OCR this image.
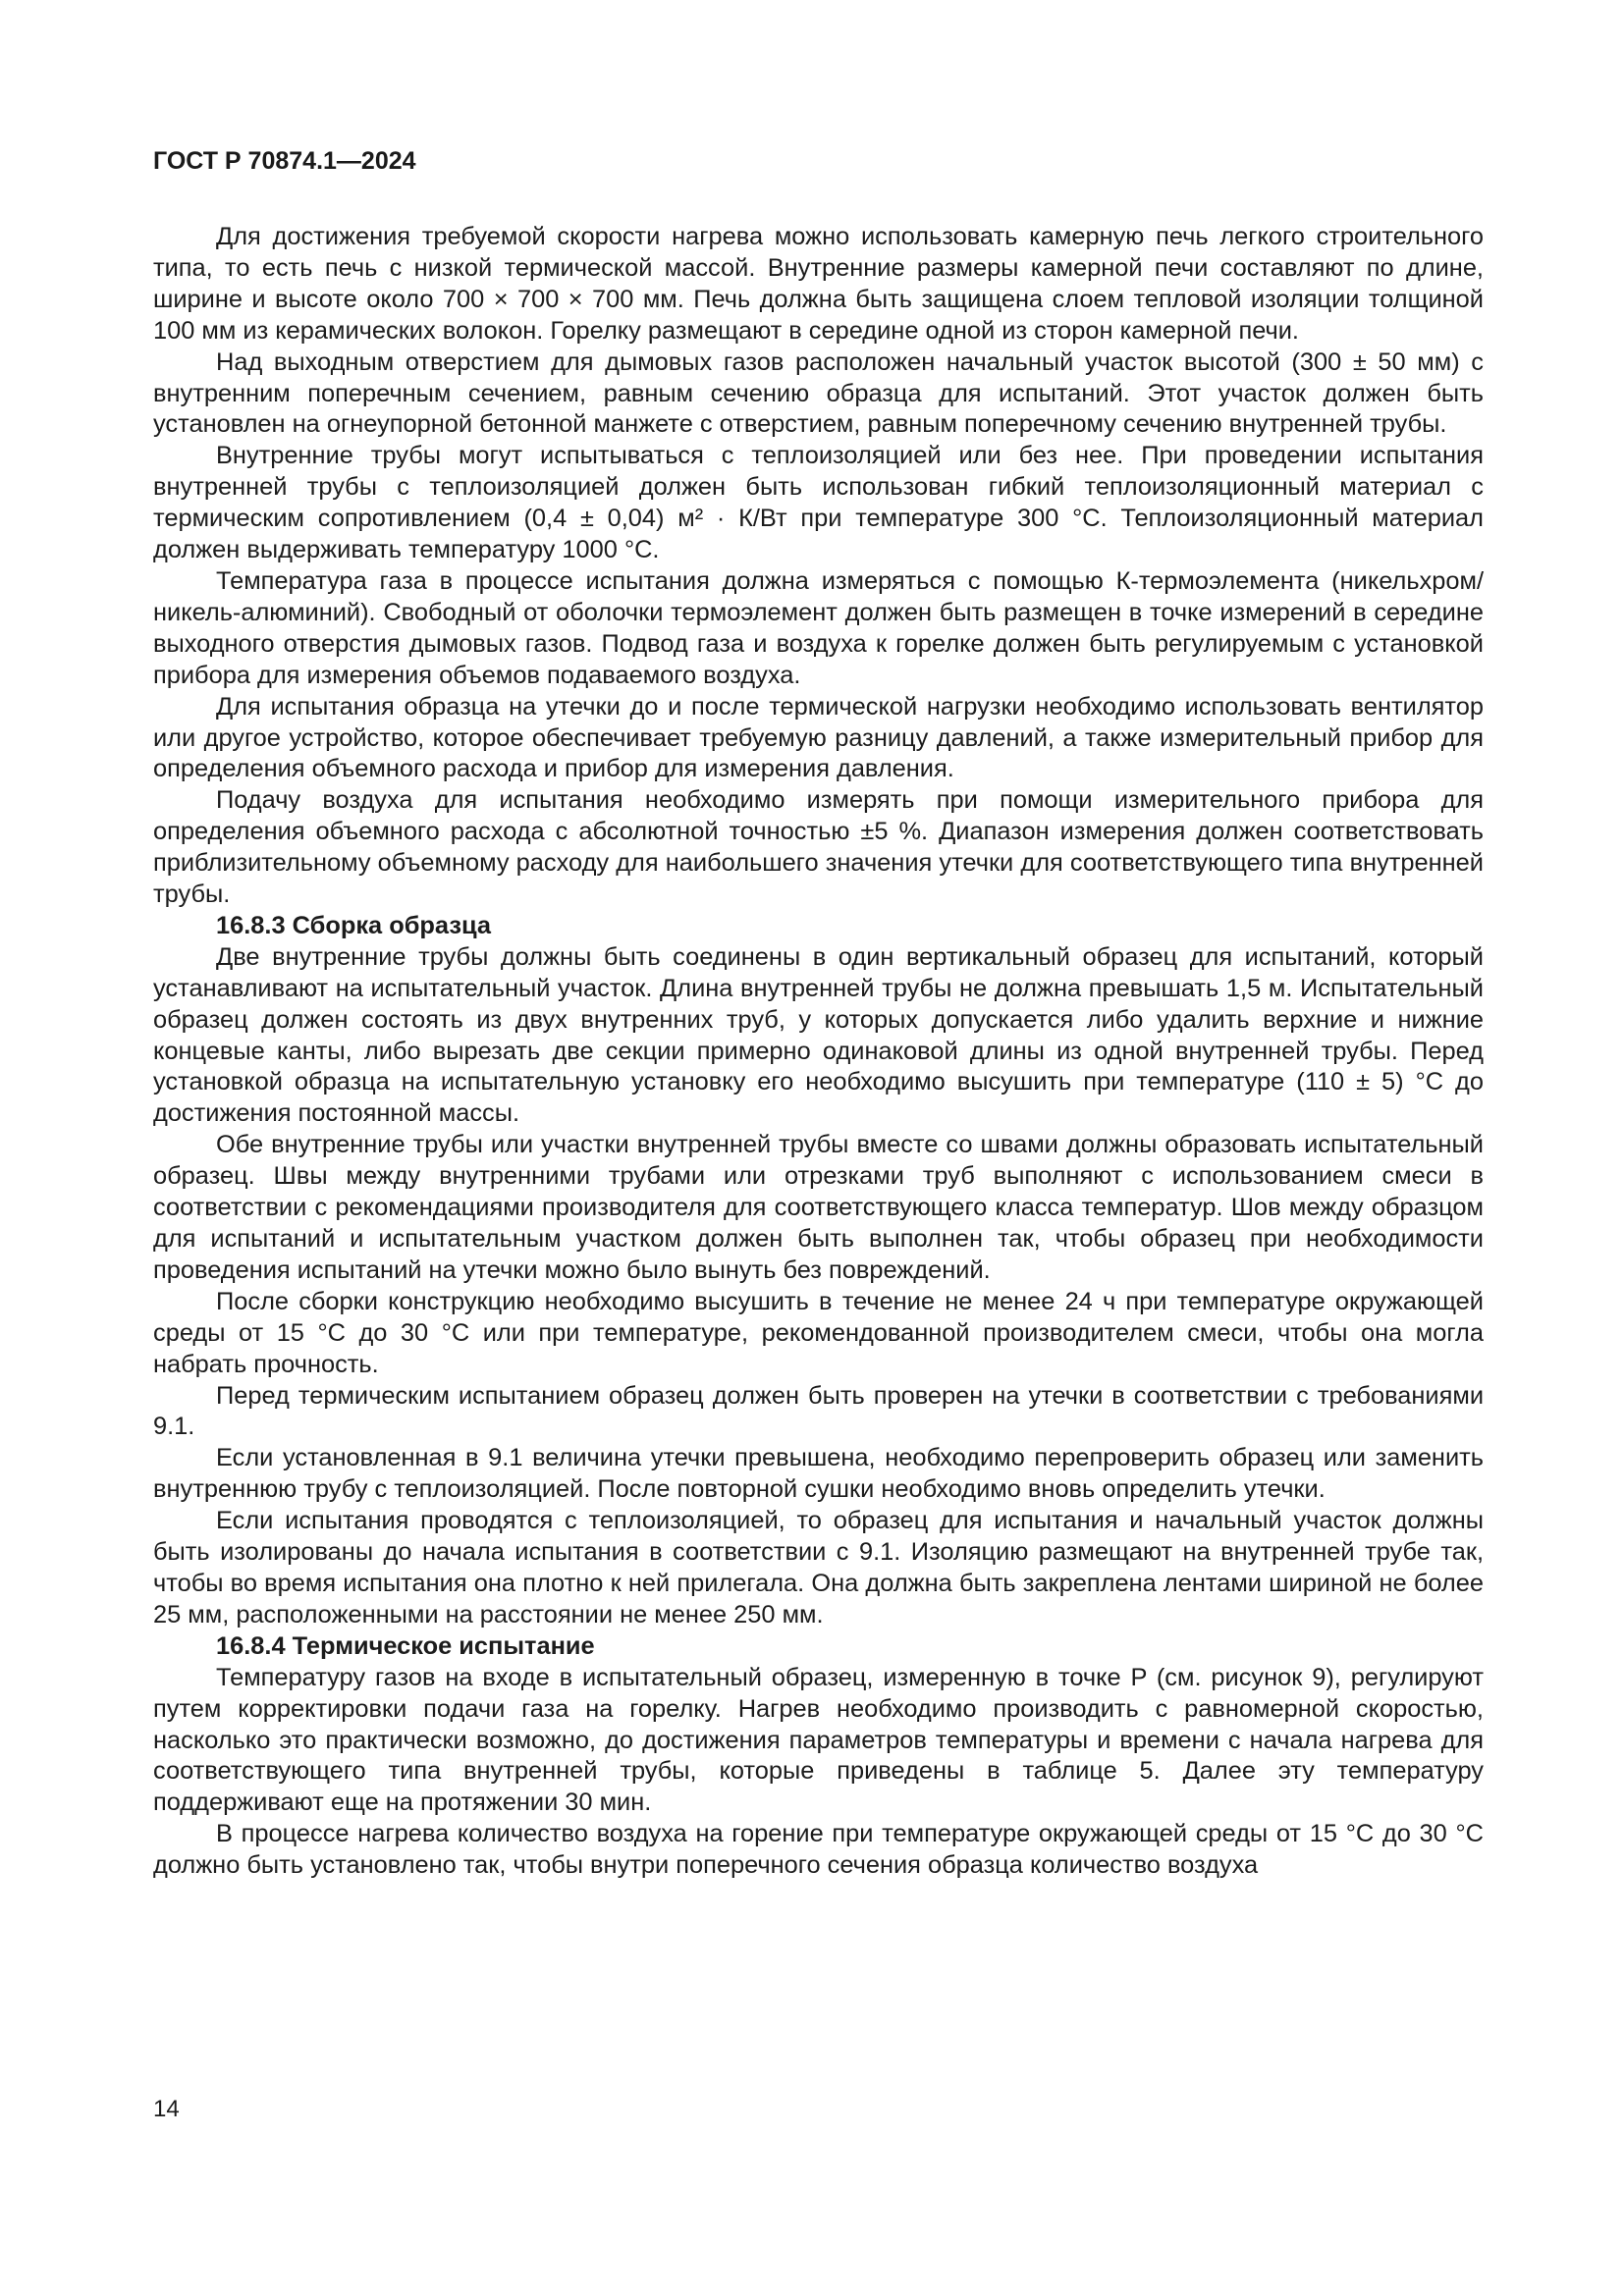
ГОСТ Р 70874.1—2024

Для достижения требуемой скорости нагрева можно использовать камерную печь легкого строительного типа, то есть печь с низкой термической массой. Внутренние размеры камерной печи составляют по длине, ширине и высоте около 700 × 700 × 700 мм. Печь должна быть защищена слоем тепловой изоляции толщиной 100 мм из керамических волокон. Горелку размещают в середине одной из сторон камерной печи.

Над выходным отверстием для дымовых газов расположен начальный участок высотой (300 ± 50 мм) с внутренним поперечным сечением, равным сечению образца для испытаний. Этот участок должен быть установлен на огнеупорной бетонной манжете с отверстием, равным поперечному сечению внутренней трубы.

Внутренние трубы могут испытываться с теплоизоляцией или без нее. При проведении испытания внутренней трубы с теплоизоляцией должен быть использован гибкий теплоизоляционный материал с термическим сопротивлением (0,4 ± 0,04) м² · К/Вт при температуре 300 °С. Теплоизоляционный материал должен выдерживать температуру 1000 °С.

Температура газа в процессе испытания должна измеряться с помощью К-термоэлемента (никельхром/никель-алюминий). Свободный от оболочки термоэлемент должен быть размещен в точке измерений в середине выходного отверстия дымовых газов. Подвод газа и воздуха к горелке должен быть регулируемым с установкой прибора для измерения объемов подаваемого воздуха.

Для испытания образца на утечки до и после термической нагрузки необходимо использовать вентилятор или другое устройство, которое обеспечивает требуемую разницу давлений, а также измерительный прибор для определения объемного расхода и прибор для измерения давления.

Подачу воздуха для испытания необходимо измерять при помощи измерительного прибора для определения объемного расхода с абсолютной точностью ±5 %. Диапазон измерения должен соответствовать приблизительному объемному расходу для наибольшего значения утечки для соответствующего типа внутренней трубы.

16.8.3 Сборка образца

Две внутренние трубы должны быть соединены в один вертикальный образец для испытаний, который устанавливают на испытательный участок. Длина внутренней трубы не должна превышать 1,5 м. Испытательный образец должен состоять из двух внутренних труб, у которых допускается либо удалить верхние и нижние концевые канты, либо вырезать две секции примерно одинаковой длины из одной внутренней трубы. Перед установкой образца на испытательную установку его необходимо высушить при температуре (110 ± 5) °С до достижения постоянной массы.

Обе внутренние трубы или участки внутренней трубы вместе со швами должны образовать испытательный образец. Швы между внутренними трубами или отрезками труб выполняют с использованием смеси в соответствии с рекомендациями производителя для соответствующего класса температур. Шов между образцом для испытаний и испытательным участком должен быть выполнен так, чтобы образец при необходимости проведения испытаний на утечки можно было вынуть без повреждений.

После сборки конструкцию необходимо высушить в течение не менее 24 ч при температуре окружающей среды от 15 °С до 30 °С или при температуре, рекомендованной производителем смеси, чтобы она могла набрать прочность.

Перед термическим испытанием образец должен быть проверен на утечки в соответствии с требованиями 9.1.

Если установленная в 9.1 величина утечки превышена, необходимо перепроверить образец или заменить внутреннюю трубу с теплоизоляцией. После повторной сушки необходимо вновь определить утечки.

Если испытания проводятся с теплоизоляцией, то образец для испытания и начальный участок должны быть изолированы до начала испытания в соответствии с 9.1. Изоляцию размещают на внутренней трубе так, чтобы во время испытания она плотно к ней прилегала. Она должна быть закреплена лентами шириной не более 25 мм, расположенными на расстоянии не менее 250 мм.

16.8.4 Термическое испытание

Температуру газов на входе в испытательный образец, измеренную в точке P (см. рисунок 9), регулируют путем корректировки подачи газа на горелку. Нагрев необходимо производить с равномерной скоростью, насколько это практически возможно, до достижения параметров температуры и времени с начала нагрева для соответствующего типа внутренней трубы, которые приведены в таблице 5. Далее эту температуру поддерживают еще на протяжении 30 мин.

В процессе нагрева количество воздуха на горение при температуре окружающей среды от 15 °С до 30 °С должно быть установлено так, чтобы внутри поперечного сечения образца количество воздуха

14
